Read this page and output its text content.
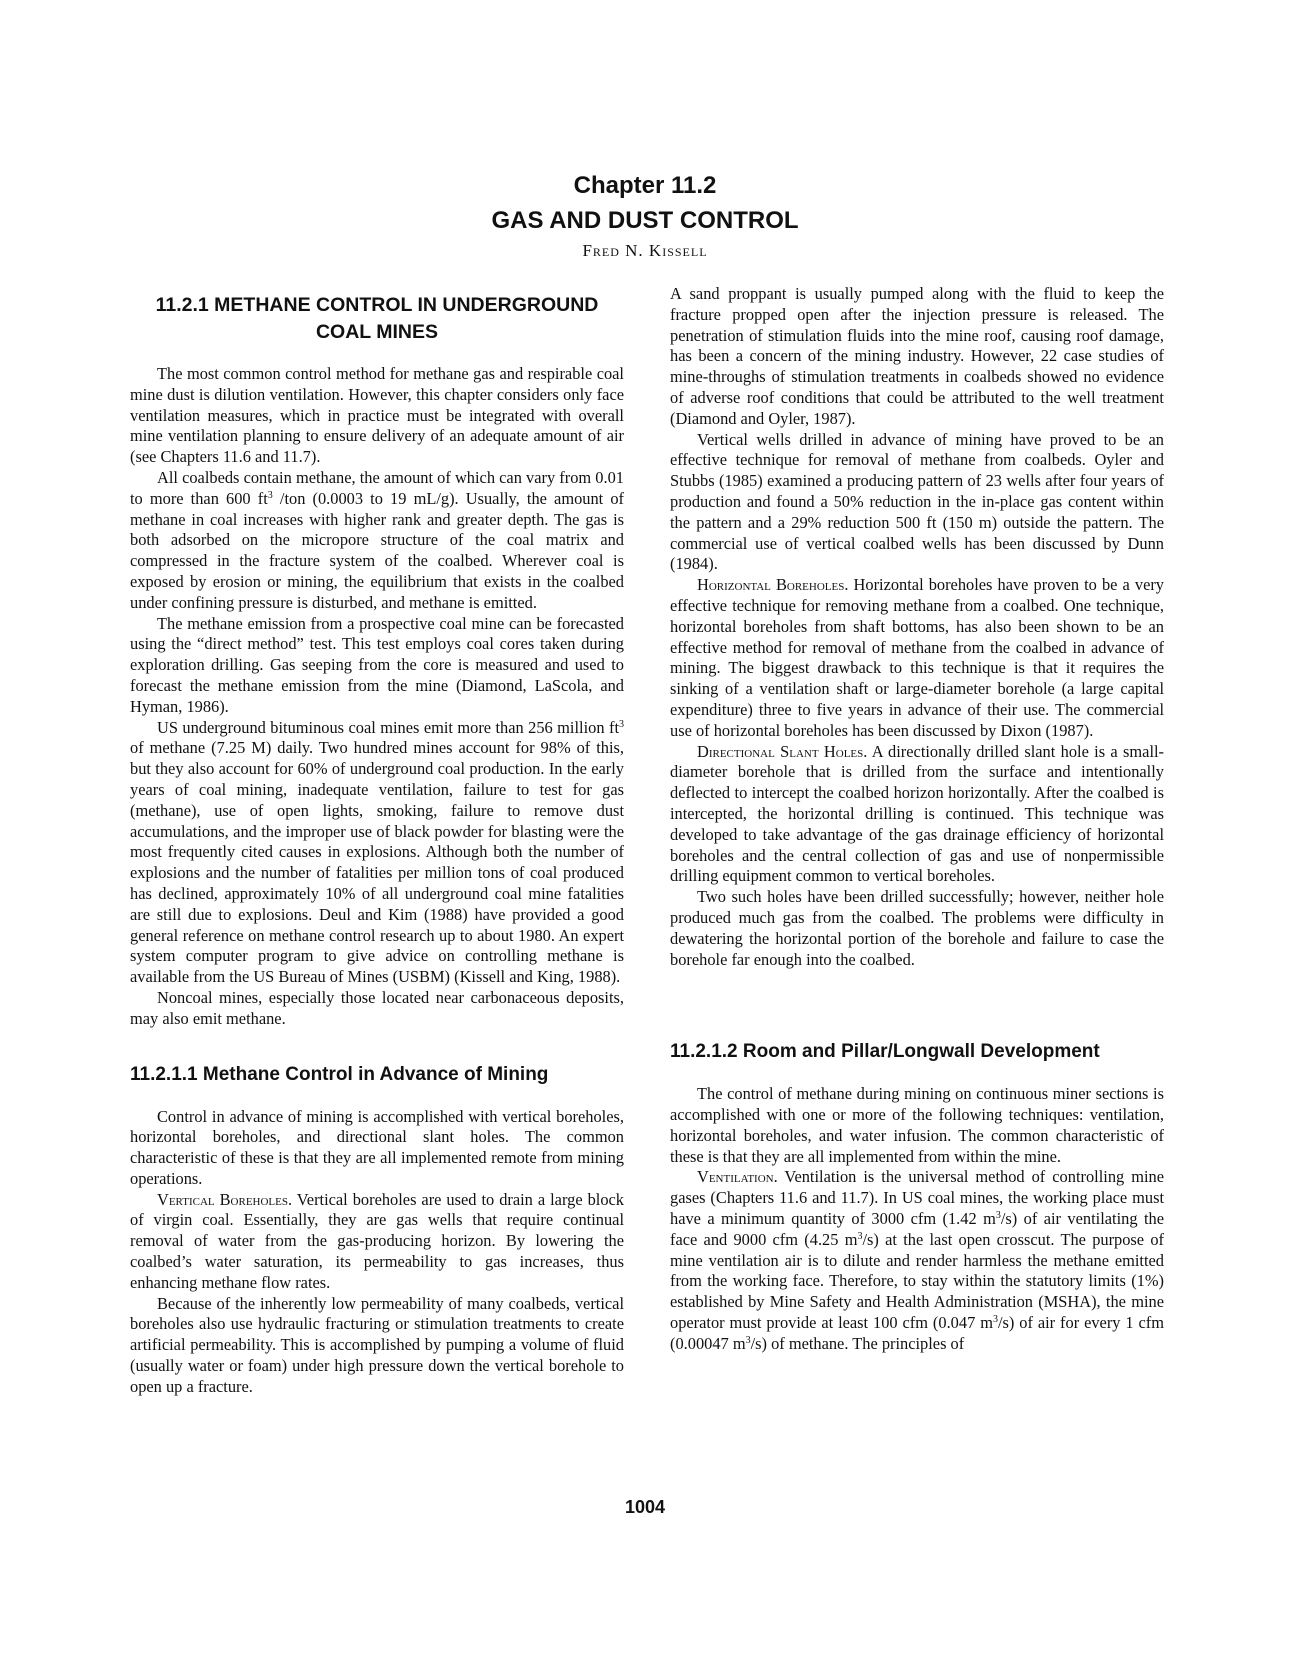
Chapter 11.2
GAS AND DUST CONTROL
Fred N. Kissell
11.2.1 METHANE CONTROL IN UNDERGROUND COAL MINES

The most common control method for methane gas and respirable coal mine dust is dilution ventilation. However, this chapter considers only face ventilation measures, which in practice must be integrated with overall mine ventilation planning to ensure delivery of an adequate amount of air (see Chapters 11.6 and 11.7).

All coalbeds contain methane, the amount of which can vary from 0.01 to more than 600 $ft^3$ /ton (0.0003 to 19 mL/g). Usually, the amount of methane in coal increases with higher rank and greater depth. The gas is both adsorbed on the micropore structure of the coal matrix and compressed in the fracture system of the coalbed. Wherever coal is exposed by erosion or mining, the equilibrium that exists in the coalbed under confining pressure is disturbed, and methane is emitted.

The methane emission from a prospective coal mine can be forecasted using the “direct method” test. This test employs coal cores taken during exploration drilling. Gas seeping from the core is measured and used to forecast the methane emission from the mine (Diamond, LaScola, and Hyman, 1986).

US underground bituminous coal mines emit more than 256 million $ft^3$ of methane (7.25 M) daily. Two hundred mines account for 98% of this, but they also account for 60% of underground coal production. In the early years of coal mining, inadequate ventilation, failure to test for gas (methane), use of open lights, smoking, failure to remove dust accumulations, and the improper use of black powder for blasting were the most frequently cited causes in explosions. Although both the number of explosions and the number of fatalities per million tons of coal produced has declined, approximately 10% of all underground coal mine fatalities are still due to explosions. Deul and Kim (1988) have provided a good general reference on methane control research up to about 1980. An expert system computer program to give advice on controlling methane is available from the US Bureau of Mines (USBM) (Kissell and King, 1988).

Noncoal mines, especially those located near carbonaceous deposits, may also emit methane.

11.2.1.1 Methane Control in Advance of Mining

Control in advance of mining is accomplished with vertical boreholes, horizontal boreholes, and directional slant holes. The common characteristic of these is that they are all implemented remote from mining operations.

Vertical Boreholes. Vertical boreholes are used to drain a large block of virgin coal. Essentially, they are gas wells that require continual removal of water from the gas-producing horizon. By lowering the coalbed’s water saturation, its permeability to gas increases, thus enhancing methane flow rates.

Because of the inherently low permeability of many coalbeds, vertical boreholes also use hydraulic fracturing or stimulation treatments to create artificial permeability. This is accomplished by pumping a volume of fluid (usually water or foam) under high pressure down the vertical borehole to open up a fracture.

A sand proppant is usually pumped along with the fluid to keep the fracture propped open after the injection pressure is released. The penetration of stimulation fluids into the mine roof, causing roof damage, has been a concern of the mining industry. However, 22 case studies of mine-throughs of stimulation treatments in coalbeds showed no evidence of adverse roof conditions that could be attributed to the well treatment (Diamond and Oyler, 1987).

Vertical wells drilled in advance of mining have proved to be an effective technique for removal of methane from coalbeds. Oyler and Stubbs (1985) examined a producing pattern of 23 wells after four years of production and found a 50% reduction in the in-place gas content within the pattern and a 29% reduction 500 ft (150 m) outside the pattern. The commercial use of vertical coalbed wells has been discussed by Dunn (1984).

Horizontal Boreholes. Horizontal boreholes have proven to be a very effective technique for removing methane from a coalbed. One technique, horizontal boreholes from shaft bottoms, has also been shown to be an effective method for removal of methane from the coalbed in advance of mining. The biggest drawback to this technique is that it requires the sinking of a ventilation shaft or large-diameter borehole (a large capital expenditure) three to five years in advance of their use. The commercial use of horizontal boreholes has been discussed by Dixon (1987).

Directional Slant Holes. A directionally drilled slant hole is a small-diameter borehole that is drilled from the surface and intentionally deflected to intercept the coalbed horizon horizontally. After the coalbed is intercepted, the horizontal drilling is continued. This technique was developed to take advantage of the gas drainage efficiency of horizontal boreholes and the central collection of gas and use of nonpermissible drilling equipment common to vertical boreholes.

Two such holes have been drilled successfully; however, neither hole produced much gas from the coalbed. The problems were difficulty in dewatering the horizontal portion of the borehole and failure to case the borehole far enough into the coalbed.

11.2.1.2 Room and Pillar/Longwall Development

The control of methane during mining on continuous miner sections is accomplished with one or more of the following techniques: ventilation, horizontal boreholes, and water infusion. The common characteristic of these is that they are all implemented from within the mine.

Ventilation. Ventilation is the universal method of controlling mine gases (Chapters 11.6 and 11.7). In US coal mines, the working place must have a minimum quantity of 3000 cfm (1.42 $m^3/s$) of air ventilating the face and 9000 cfm (4.25 $m^3/s$) at the last open crosscut. The purpose of mine ventilation air is to dilute and render harmless the methane emitted from the working face. Therefore, to stay within the statutory limits (1%) established by Mine Safety and Health Administration (MSHA), the mine operator must provide at least 100 cfm (0.047 $m^3/s$) of air for every 1 cfm (0.00047 $m^3/s$) of methane. The principles of

1004
